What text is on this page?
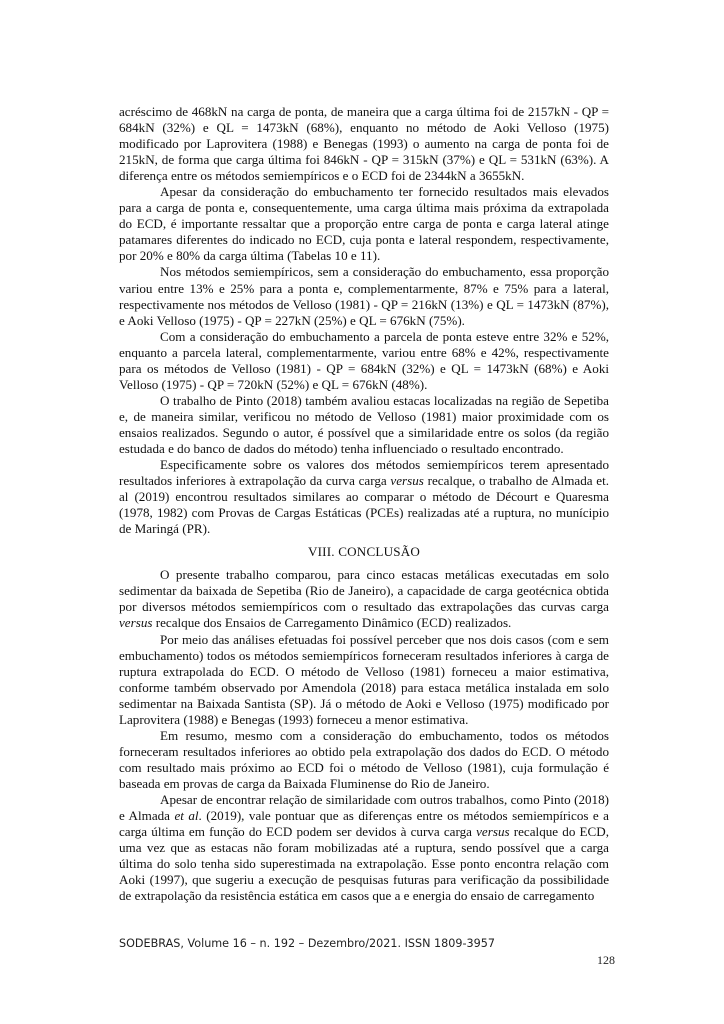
acréscimo de 468kN na carga de ponta, de maneira que a carga última foi de 2157kN - QP = 684kN (32%) e QL = 1473kN (68%), enquanto no método de Aoki Velloso (1975) modificado por Laprovitera (1988) e Benegas (1993) o aumento na carga de ponta foi de 215kN, de forma que carga última foi 846kN - QP = 315kN (37%) e QL = 531kN (63%). A diferença entre os métodos semiempíricos e o ECD foi de 2344kN a 3655kN.

Apesar da consideração do embuchamento ter fornecido resultados mais elevados para a carga de ponta e, consequentemente, uma carga última mais próxima da extrapolada do ECD, é importante ressaltar que a proporção entre carga de ponta e carga lateral atinge patamares diferentes do indicado no ECD, cuja ponta e lateral respondem, respectivamente, por 20% e 80% da carga última (Tabelas 10 e 11).

Nos métodos semiempíricos, sem a consideração do embuchamento, essa proporção variou entre 13% e 25% para a ponta e, complementarmente, 87% e 75% para a lateral, respectivamente nos métodos de Velloso (1981) - QP = 216kN (13%) e QL = 1473kN (87%), e Aoki Velloso (1975) - QP = 227kN (25%) e QL = 676kN (75%).

Com a consideração do embuchamento a parcela de ponta esteve entre 32% e 52%, enquanto a parcela lateral, complementarmente, variou entre 68% e 42%, respectivamente para os métodos de Velloso (1981) - QP = 684kN (32%) e QL = 1473kN (68%) e Aoki Velloso (1975) - QP = 720kN (52%) e QL = 676kN (48%).

O trabalho de Pinto (2018) também avaliou estacas localizadas na região de Sepetiba e, de maneira similar, verificou no método de Velloso (1981) maior proximidade com os ensaios realizados. Segundo o autor, é possível que a similaridade entre os solos (da região estudada e do banco de dados do método) tenha influenciado o resultado encontrado.

Especificamente sobre os valores dos métodos semiempíricos terem apresentado resultados inferiores à extrapolação da curva carga versus recalque, o trabalho de Almada et. al (2019) encontrou resultados similares ao comparar o método de Décourt e Quaresma (1978, 1982) com Provas de Cargas Estáticas (PCEs) realizadas até a ruptura, no munícipio de Maringá (PR).

VIII. CONCLUSÃO

O presente trabalho comparou, para cinco estacas metálicas executadas em solo sedimentar da baixada de Sepetiba (Rio de Janeiro), a capacidade de carga geotécnica obtida por diversos métodos semiempíricos com o resultado das extrapolações das curvas carga versus recalque dos Ensaios de Carregamento Dinâmico (ECD) realizados.

Por meio das análises efetuadas foi possível perceber que nos dois casos (com e sem embuchamento) todos os métodos semiempíricos forneceram resultados inferiores à carga de ruptura extrapolada do ECD. O método de Velloso (1981) forneceu a maior estimativa, conforme também observado por Amendola (2018) para estaca metálica instalada em solo sedimentar na Baixada Santista (SP). Já o método de Aoki e Velloso (1975) modificado por Laprovitera (1988) e Benegas (1993) forneceu a menor estimativa.

Em resumo, mesmo com a consideração do embuchamento, todos os métodos forneceram resultados inferiores ao obtido pela extrapolação dos dados do ECD. O método com resultado mais próximo ao ECD foi o método de Velloso (1981), cuja formulação é baseada em provas de carga da Baixada Fluminense do Rio de Janeiro.

Apesar de encontrar relação de similaridade com outros trabalhos, como Pinto (2018) e Almada et al. (2019), vale pontuar que as diferenças entre os métodos semiempíricos e a carga última em função do ECD podem ser devidos à curva carga versus recalque do ECD, uma vez que as estacas não foram mobilizadas até a ruptura, sendo possível que a carga última do solo tenha sido superestimada na extrapolação. Esse ponto encontra relação com Aoki (1997), que sugeriu a execução de pesquisas futuras para verificação da possibilidade de extrapolação da resistência estática em casos que a e energia do ensaio de carregamento

SODEBRAS, Volume 16 – n. 192 – Dezembro/2021. ISSN 1809-3957
128
